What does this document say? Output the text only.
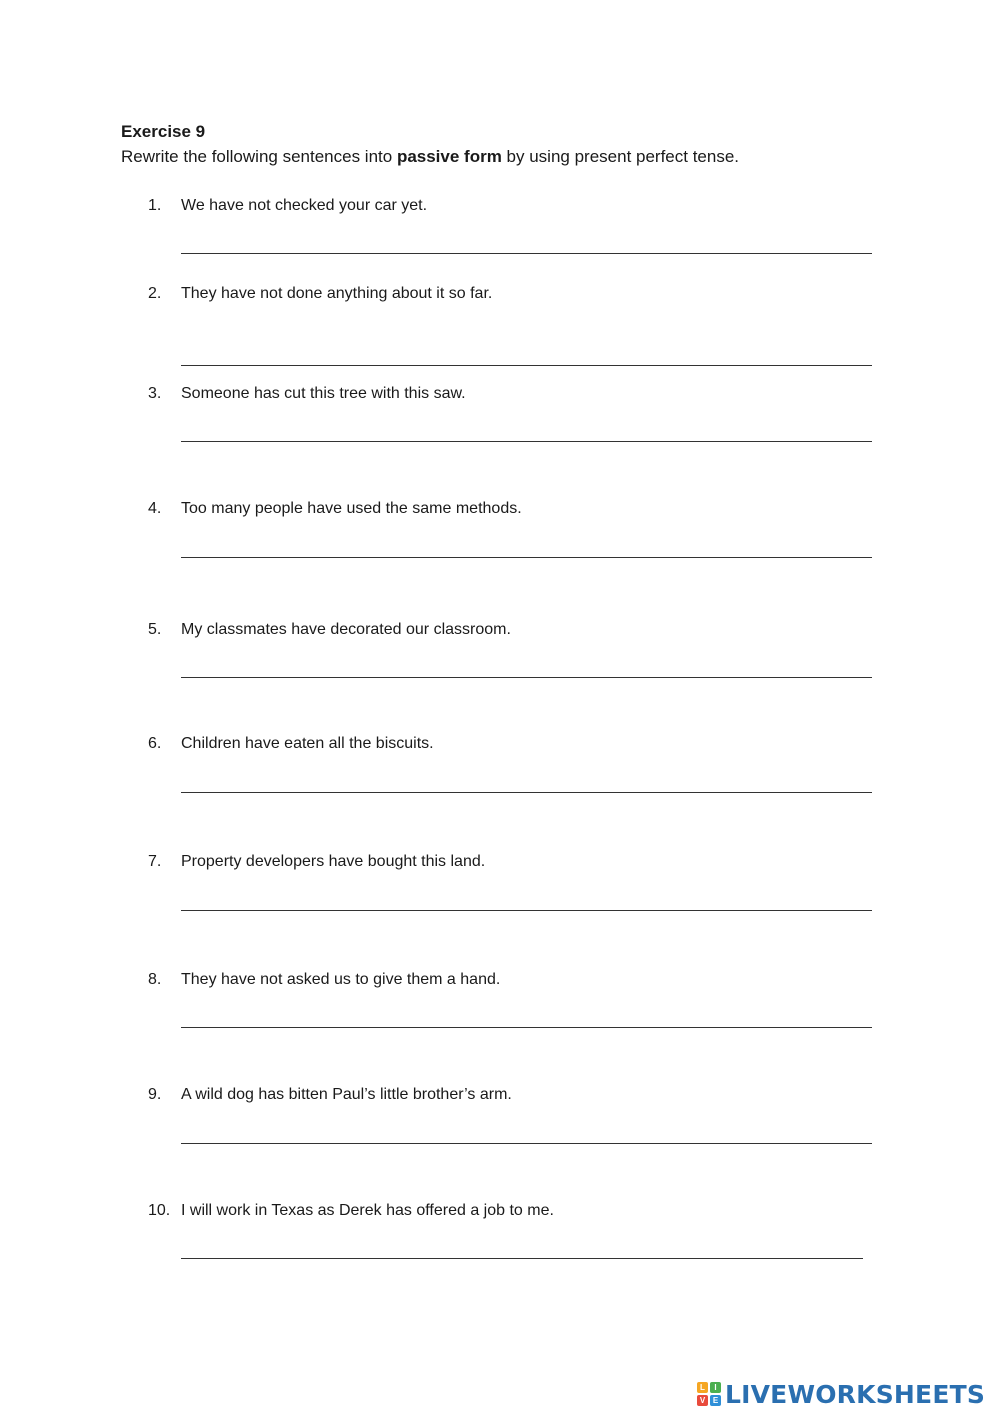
Exercise 9

Rewrite the following sentences into passive form by using present perfect tense.

1.	We have not checked your car yet.
2.	They have not done anything about it so far.
3.	Someone has cut this tree with this saw.
4.	Too many people have used the same methods.
5.	My classmates have decorated our classroom.
6.	Children have eaten all the biscuits.
7.	Property developers have bought this land.
8.	They have not asked us to give them a hand.
9.	A wild dog has bitten Paul’s little brother’s arm.
10. I will work in Texas as Derek has offered a job to me.
L	I
V E LIVEWORKSHEETS
